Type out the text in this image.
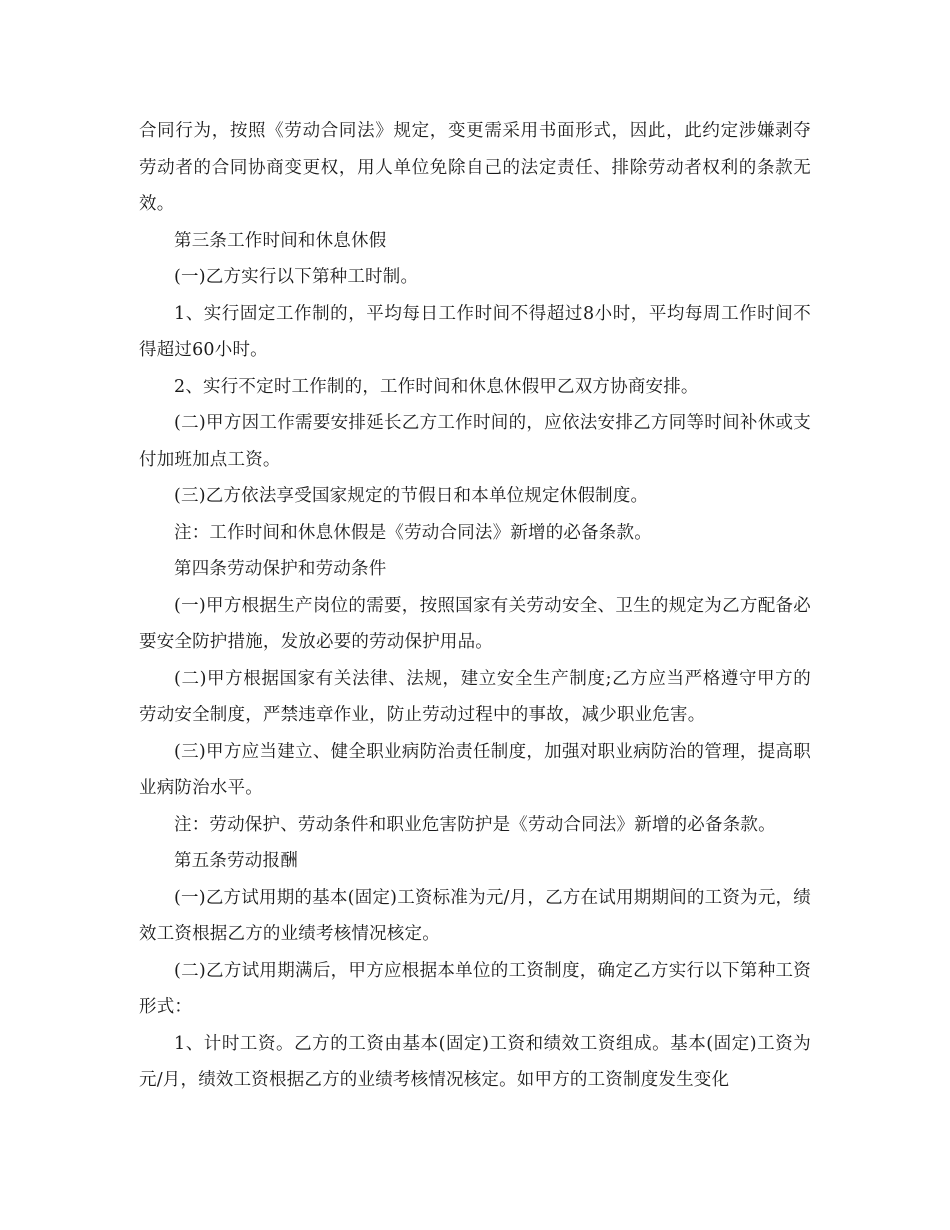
合同行为，按照《劳动合同法》规定，变更需采用书面形式，因此，此约定涉嫌剥夺劳动者的合同协商变更权，用人单位免除自己的法定责任、排除劳动者权利的条款无效。

第三条工作时间和休息休假

(一)乙方实行以下第种工时制。

1、实行固定工作制的，平均每日工作时间不得超过8小时，平均每周工作时间不得超过60小时。

2、实行不定时工作制的，工作时间和休息休假甲乙双方协商安排。

(二)甲方因工作需要安排延长乙方工作时间的，应依法安排乙方同等时间补休或支付加班加点工资。

(三)乙方依法享受国家规定的节假日和本单位规定休假制度。

注：工作时间和休息休假是《劳动合同法》新增的必备条款。

第四条劳动保护和劳动条件

(一)甲方根据生产岗位的需要，按照国家有关劳动安全、卫生的规定为乙方配备必要安全防护措施，发放必要的劳动保护用品。

(二)甲方根据国家有关法律、法规，建立安全生产制度;乙方应当严格遵守甲方的劳动安全制度，严禁违章作业，防止劳动过程中的事故，减少职业危害。

(三)甲方应当建立、健全职业病防治责任制度，加强对职业病防治的管理，提高职业病防治水平。

注：劳动保护、劳动条件和职业危害防护是《劳动合同法》新增的必备条款。

第五条劳动报酬

(一)乙方试用期的基本(固定)工资标准为元/月，乙方在试用期期间的工资为元，绩效工资根据乙方的业绩考核情况核定。

(二)乙方试用期满后，甲方应根据本单位的工资制度，确定乙方实行以下第种工资形式：

1、计时工资。乙方的工资由基本(固定)工资和绩效工资组成。基本(固定)工资为元/月，绩效工资根据乙方的业绩考核情况核定。如甲方的工资制度发生变化
